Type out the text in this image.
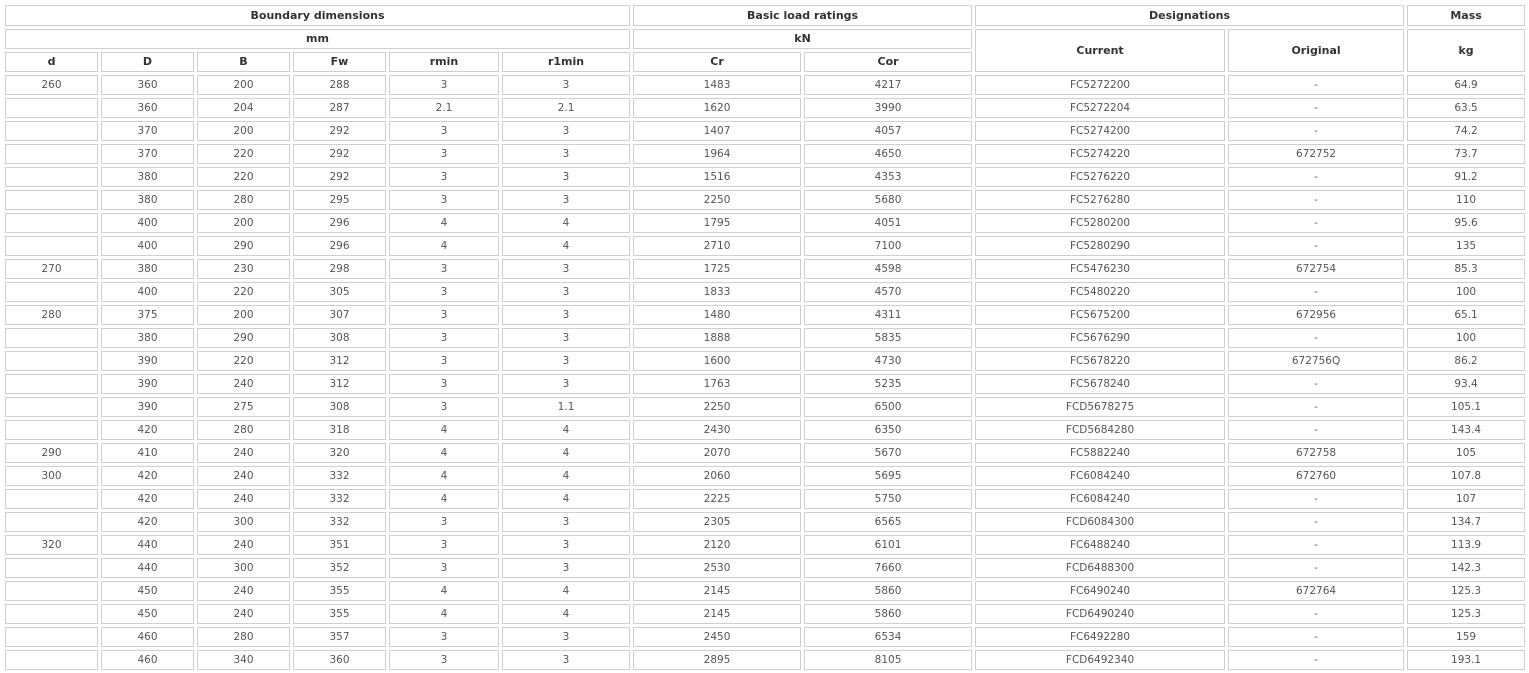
Boundary dimensions						Basic load ratings		Designations		Mass
mm						kN		Current	Original	kg
d	D	B	Fw	rmin	r1min	Cr	Cor			
260	360	200	288	3	3	1483	4217	FC5272200	-	64.9
	360	204	287	2.1	2.1	1620	3990	FC5272204	-	63.5
	370	200	292	3	3	1407	4057	FC5274200	-	74.2
	370	220	292	3	3	1964	4650	FC5274220	672752	73.7
	380	220	292	3	3	1516	4353	FC5276220	-	91.2
	380	280	295	3	3	2250	5680	FC5276280	-	110
	400	200	296	4	4	1795	4051	FC5280200	-	95.6
	400	290	296	4	4	2710	7100	FC5280290	-	135
270	380	230	298	3	3	1725	4598	FC5476230	672754	85.3
	400	220	305	3	3	1833	4570	FC5480220	-	100
280	375	200	307	3	3	1480	4311	FC5675200	672956	65.1
	380	290	308	3	3	1888	5835	FC5676290	-	100
	390	220	312	3	3	1600	4730	FC5678220	672756Q	86.2
	390	240	312	3	3	1763	5235	FC5678240	-	93.4
	390	275	308	3	1.1	2250	6500	FCD5678275	-	105.1
	420	280	318	4	4	2430	6350	FCD5684280	-	143.4
290	410	240	320	4	4	2070	5670	FC5882240	672758	105
300	420	240	332	4	4	2060	5695	FC6084240	672760	107.8
	420	240	332	4	4	2225	5750	FC6084240	-	107
	420	300	332	3	3	2305	6565	FCD6084300	-	134.7
320	440	240	351	3	3	2120	6101	FC6488240	-	113.9
	440	300	352	3	3	2530	7660	FCD6488300	-	142.3
	450	240	355	4	4	2145	5860	FC6490240	672764	125.3
	450	240	355	4	4	2145	5860	FCD6490240	-	125.3
	460	280	357	3	3	2450	6534	FC6492280	-	159
	460	340	360	3	3	2895	8105	FCD6492340	-	193.1
